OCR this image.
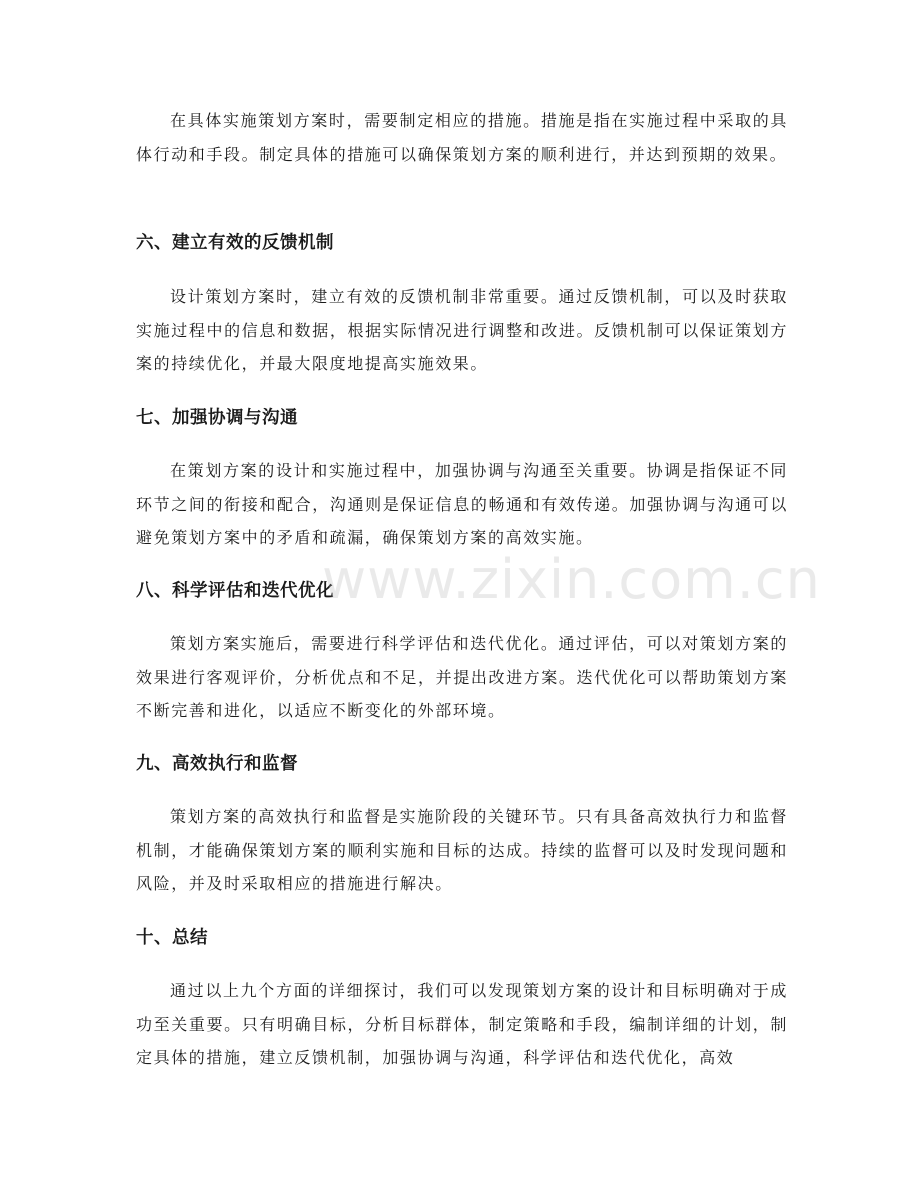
在具体实施策划方案时，需要制定相应的措施。措施是指在实施过程中采取的具体行动和手段。制定具体的措施可以确保策划方案的顺利进行，并达到预期的效果。

六、建立有效的反馈机制

设计策划方案时，建立有效的反馈机制非常重要。通过反馈机制，可以及时获取实施过程中的信息和数据，根据实际情况进行调整和改进。反馈机制可以保证策划方案的持续优化，并最大限度地提高实施效果。

七、加强协调与沟通

在策划方案的设计和实施过程中，加强协调与沟通至关重要。协调是指保证不同环节之间的衔接和配合，沟通则是保证信息的畅通和有效传递。加强协调与沟通可以避免策划方案中的矛盾和疏漏，确保策划方案的高效实施。

八、科学评估和迭代优化

策划方案实施后，需要进行科学评估和迭代优化。通过评估，可以对策划方案的效果进行客观评价，分析优点和不足，并提出改进方案。迭代优化可以帮助策划方案不断完善和进化，以适应不断变化的外部环境。

九、高效执行和监督

策划方案的高效执行和监督是实施阶段的关键环节。只有具备高效执行力和监督机制，才能确保策划方案的顺利实施和目标的达成。持续的监督可以及时发现问题和风险，并及时采取相应的措施进行解决。

十、总结

通过以上九个方面的详细探讨，我们可以发现策划方案的设计和目标明确对于成功至关重要。只有明确目标，分析目标群体，制定策略和手段，编制详细的计划，制定具体的措施，建立反馈机制，加强协调与沟通，科学评估和迭代优化，高效

www.zixin.com.cn
